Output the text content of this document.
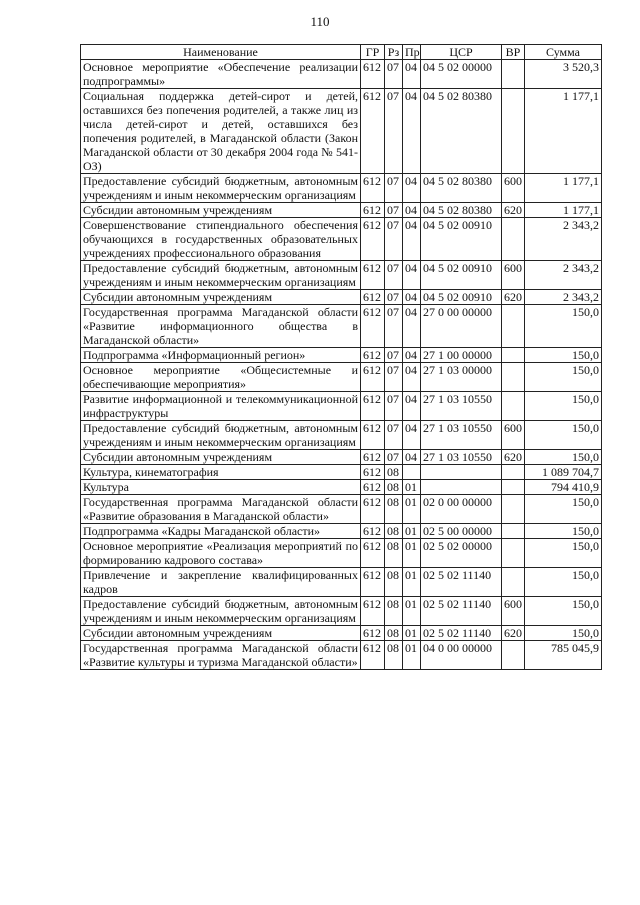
110
Наименование	ГР	Рз	Пр	ЦСР	ВР	Сумма
Основное мероприятие «Обеспечение реализации подпрограммы»	612	07	04	04 5 02 00000		3 520,3
Социальная поддержка детей-сирот и детей, оставшихся без попечения родителей, а также лиц из числа детей-сирот и детей, оставшихся без попечения родителей, в Магаданской области (Закон Магаданской области от 30 декабря 2004 года № 541-ОЗ)	612	07	04	04 5 02 80380		1 177,1
Предоставление субсидий бюджетным, автономным учреждениям и иным некоммерческим организациям	612	07	04	04 5 02 80380	600	1 177,1
Субсидии автономным учреждениям	612	07	04	04 5 02 80380	620	1 177,1
Совершенствование стипендиального обеспечения обучающихся в государственных образовательных учреждениях профессионального образования	612	07	04	04 5 02 00910		2 343,2
Предоставление субсидий бюджетным, автономным учреждениям и иным некоммерческим организациям	612	07	04	04 5 02 00910	600	2 343,2
Субсидии автономным учреждениям	612	07	04	04 5 02 00910	620	2 343,2
Государственная программа Магаданской области «Развитие информационного общества в Магаданской области»	612	07	04	27 0 00 00000		150,0
Подпрограмма «Информационный регион»	612	07	04	27 1 00 00000		150,0
Основное мероприятие «Общесистемные и обеспечивающие мероприятия»	612	07	04	27 1 03 00000		150,0
Развитие информационной и телекоммуникационной инфраструктуры	612	07	04	27 1 03 10550		150,0
Предоставление субсидий бюджетным, автономным учреждениям и иным некоммерческим организациям	612	07	04	27 1 03 10550	600	150,0
Субсидии автономным учреждениям	612	07	04	27 1 03 10550	620	150,0
Культура, кинематография	612	08				1 089 704,7
Культура	612	08	01			794 410,9
Государственная программа Магаданской области «Развитие образования в Магаданской области»	612	08	01	02 0 00 00000		150,0
Подпрограмма «Кадры Магаданской области»	612	08	01	02 5 00 00000		150,0
Основное мероприятие «Реализация мероприятий по формированию кадрового состава»	612	08	01	02 5 02 00000		150,0
Привлечение и закрепление квалифицированных кадров	612	08	01	02 5 02 11140		150,0
Предоставление субсидий бюджетным, автономным учреждениям и иным некоммерческим организациям	612	08	01	02 5 02 11140	600	150,0
Субсидии автономным учреждениям	612	08	01	02 5 02 11140	620	150,0
Государственная программа Магаданской области «Развитие культуры и туризма Магаданской области»	612	08	01	04 0 00 00000		785 045,9
